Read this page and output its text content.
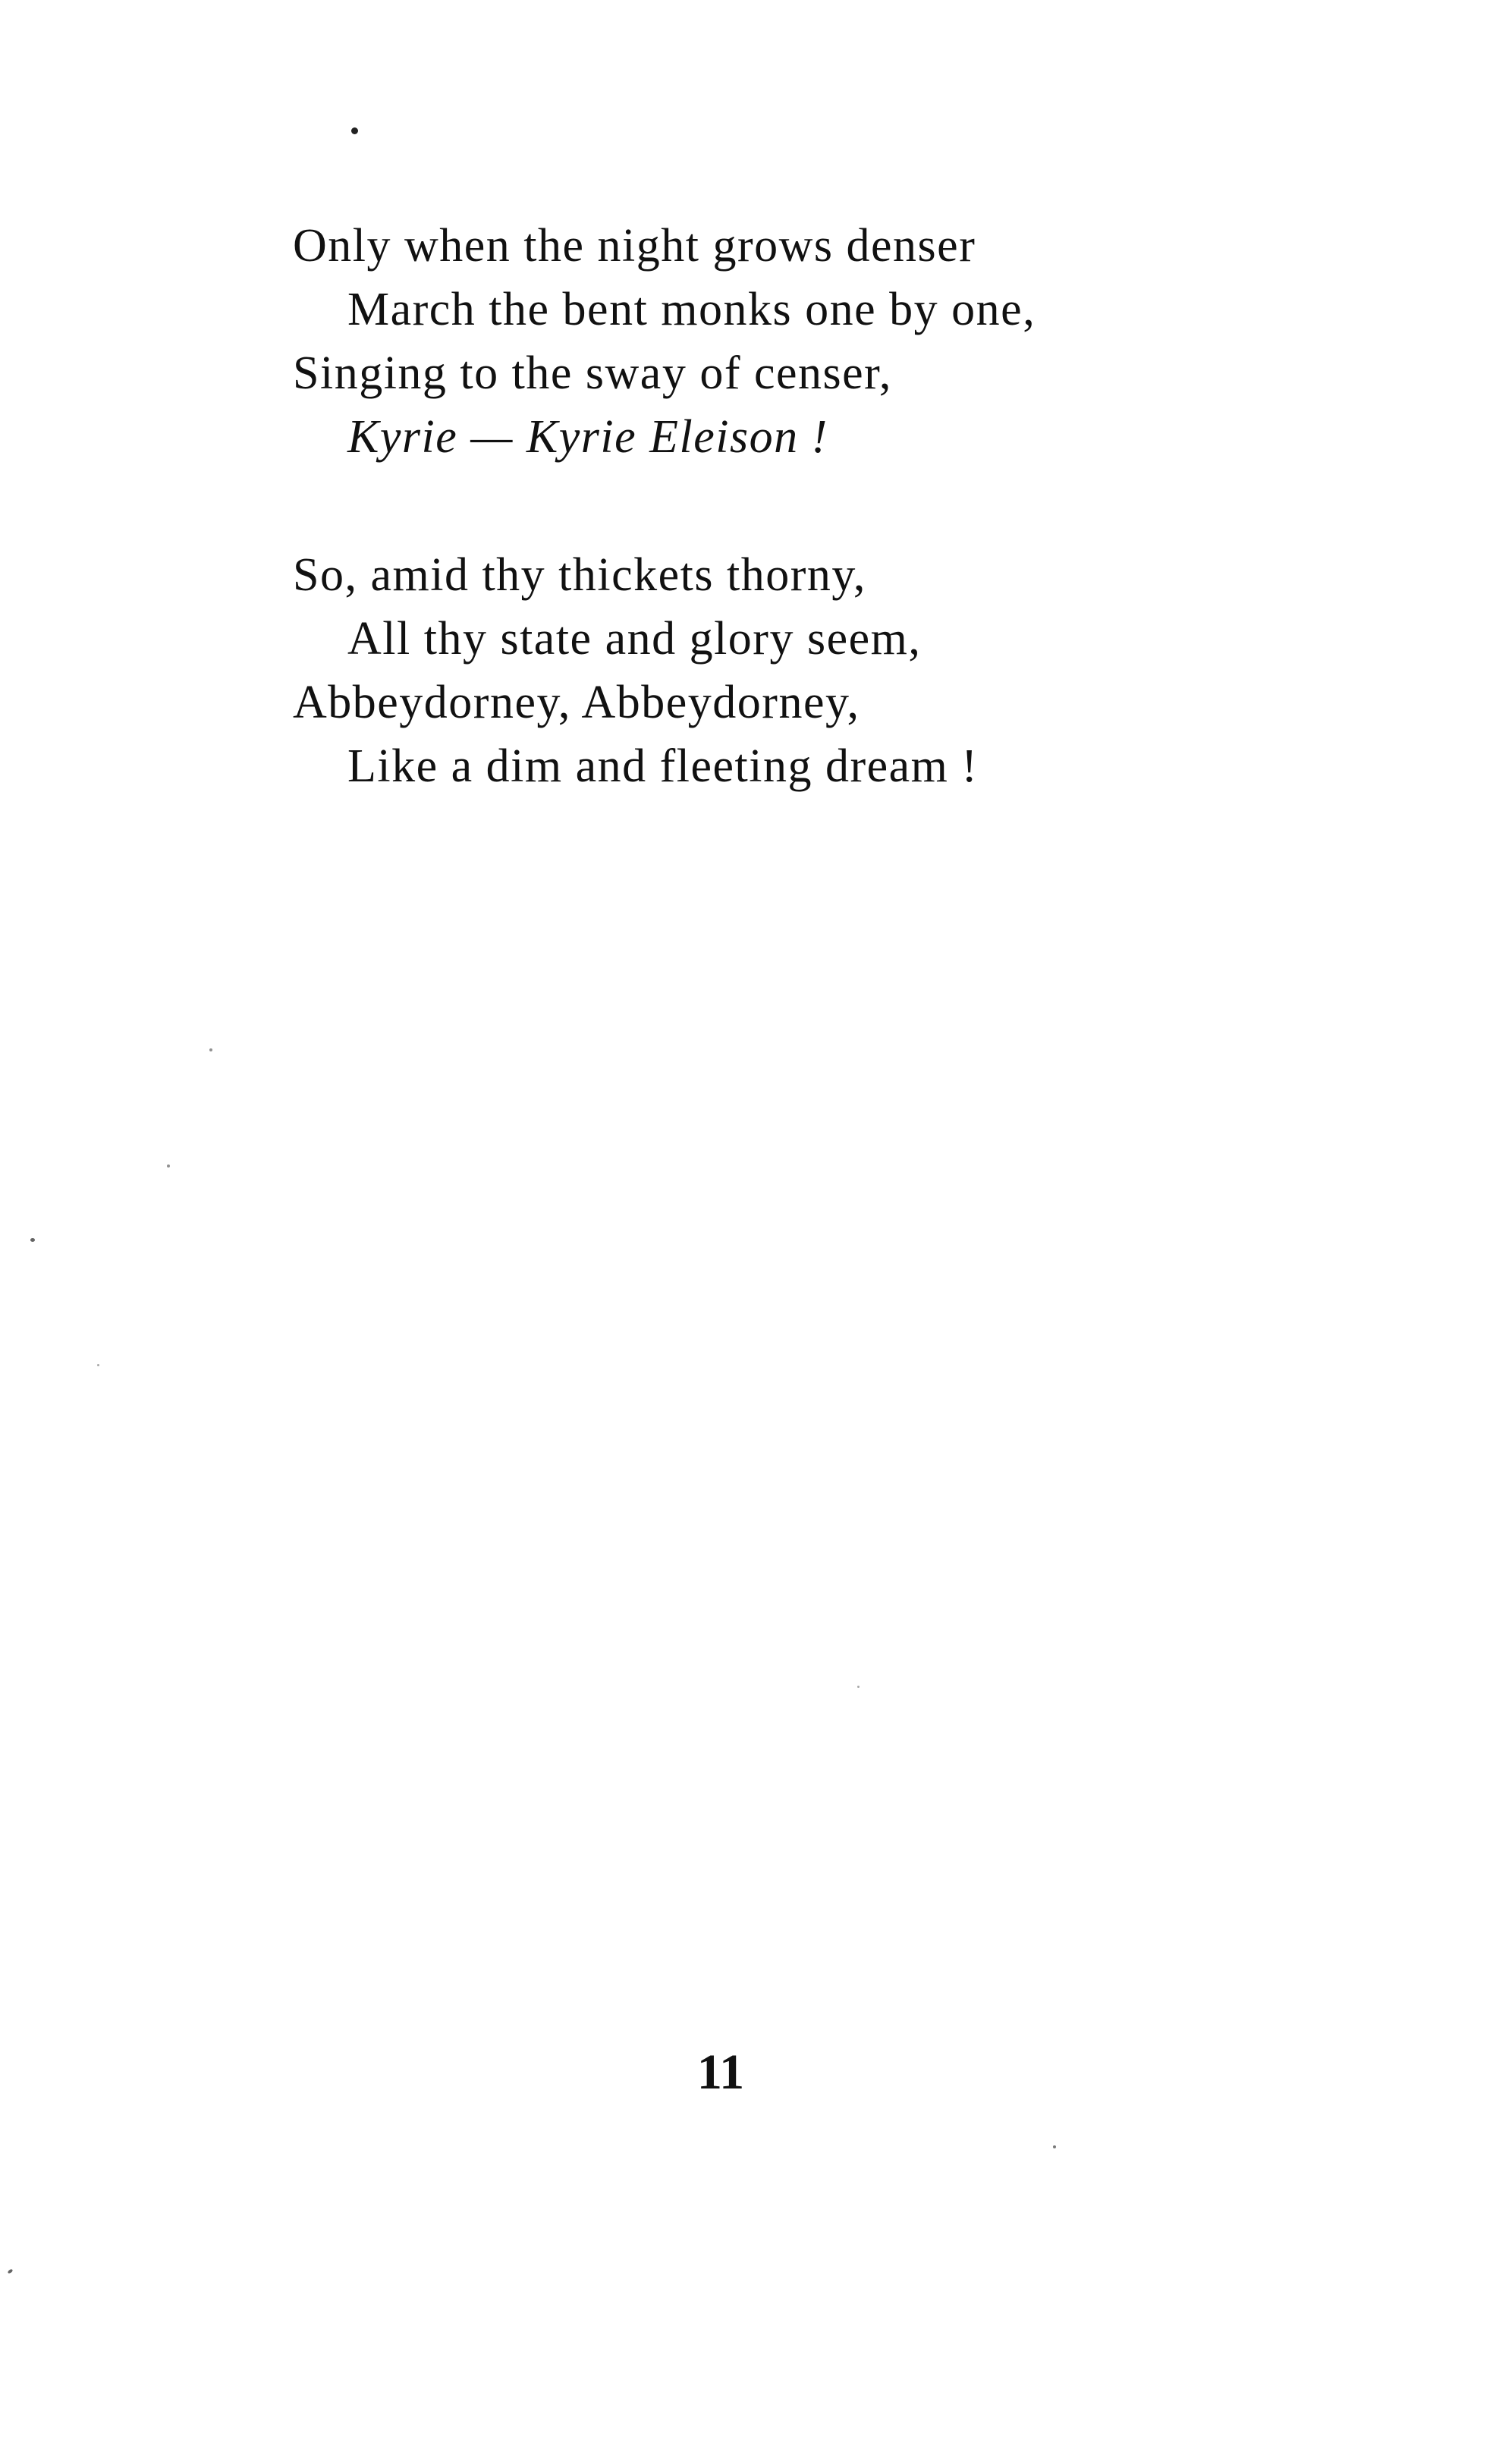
Only when the night grows denser
March the bent monks one by one,
Singing to the sway of censer,
Kyrie — Kyrie Eleison !
So, amid thy thickets thorny,
All thy state and glory seem,
Abbeydorney, Abbeydorney,
Like a dim and fleeting dream !
11
